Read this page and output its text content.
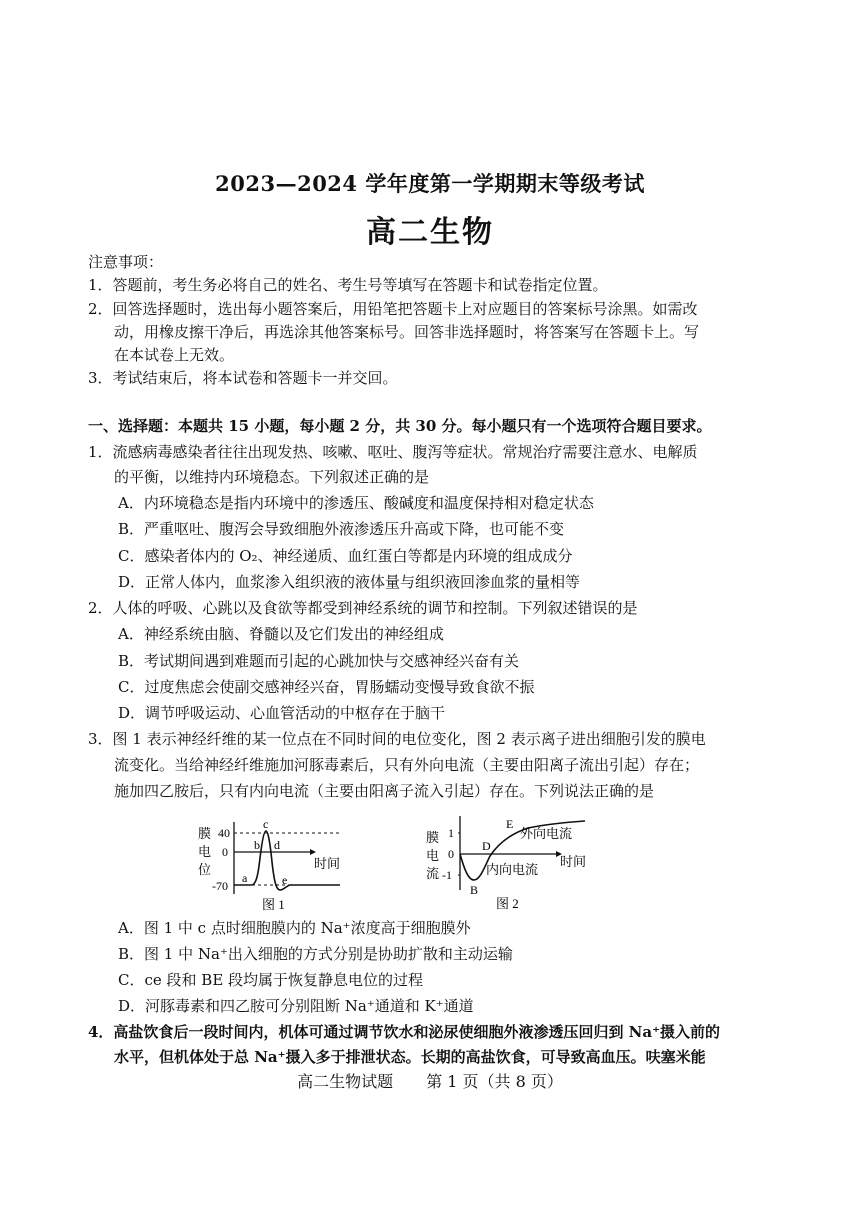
2023—2024 学年度第一学期期末等级考试
高二生物
注意事项：
1．答题前，考生务必将自己的姓名、考生号等填写在答题卡和试卷指定位置。
2．回答选择题时，选出每小题答案后，用铅笔把答题卡上对应题目的答案标号涂黑。如需改
动，用橡皮擦干净后，再选涂其他答案标号。回答非选择题时，将答案写在答题卡上。写
在本试卷上无效。
3．考试结束后，将本试卷和答题卡一并交回。
一、选择题：本题共 15 小题，每小题 2 分，共 30 分。每小题只有一个选项符合题目要求。
1．流感病毒感染者往往出现发热、咳嗽、呕吐、腹泻等症状。常规治疗需要注意水、电解质
的平衡，以维持内环境稳态。下列叙述正确的是
A．内环境稳态是指内环境中的渗透压、酸碱度和温度保持相对稳定状态
B．严重呕吐、腹泻会导致细胞外液渗透压升高或下降，也可能不变
C．感染者体内的 O₂、神经递质、血红蛋白等都是内环境的组成成分
D．正常人体内，血浆渗入组织液的液体量与组织液回渗血浆的量相等
2．人体的呼吸、心跳以及食欲等都受到神经系统的调节和控制。下列叙述错误的是
A．神经系统由脑、脊髓以及它们发出的神经组成
B．考试期间遇到难题而引起的心跳加快与交感神经兴奋有关
C．过度焦虑会使副交感神经兴奋，胃肠蠕动变慢导致食欲不振
D．调节呼吸运动、心血管活动的中枢存在于脑干
3．图 1 表示神经纤维的某一位点在不同时间的电位变化，图 2 表示离子进出细胞引发的膜电
流变化。当给神经纤维施加河豚毒素后，只有外向电流（主要由阳离子流出引起）存在；
施加四乙胺后，只有内向电流（主要由阳离子流入引起）存在。下列说法正确的是
膜
电
位
40
0
-70
a
b
c
d
e
时间
图 1
膜
电
流
1
0
-1
B
D
E
外向电流
内向电流
时间
图 2
A．图 1 中 c 点时细胞膜内的 Na⁺浓度高于细胞膜外
B．图 1 中 Na⁺出入细胞的方式分别是协助扩散和主动运输
C．ce 段和 BE 段均属于恢复静息电位的过程
D．河豚毒素和四乙胺可分别阻断 Na⁺通道和 K⁺通道
4．高盐饮食后一段时间内，机体可通过调节饮水和泌尿使细胞外液渗透压回归到 Na⁺摄入前的
水平，但机体处于总 Na⁺摄入多于排泄状态。长期的高盐饮食，可导致高血压。呋塞米能
高二生物试题 第 1 页（共 8 页）
